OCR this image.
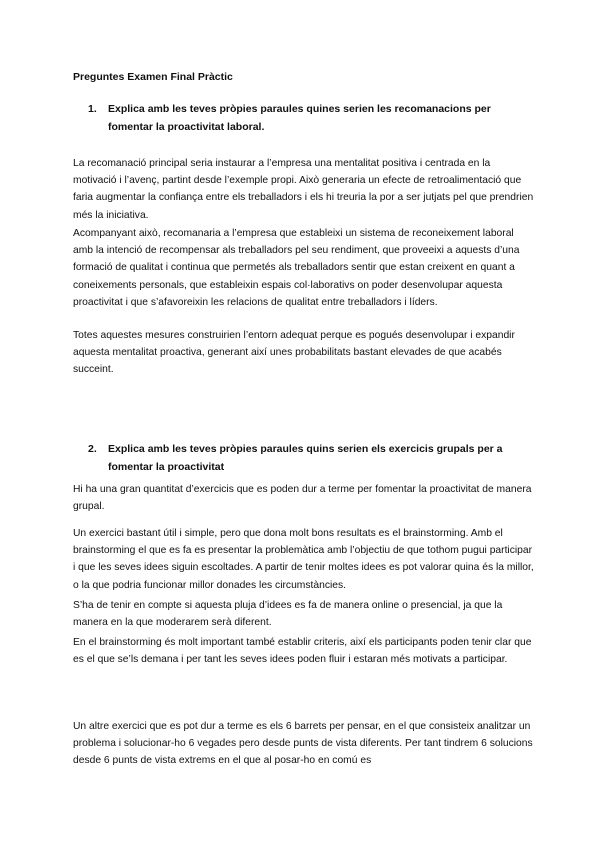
Preguntes Examen Final Pràctic

1.	Explica amb les teves pròpies paraules quines serien les recomanacions per fomentar la proactivitat laboral.

La recomanació principal seria instaurar a l’empresa una mentalitat positiva i centrada en la motivació i l’avenç, partint desde l’exemple propi. Això generaria un efecte de retroalimentació que faria augmentar la confiança entre els treballadors i els hi treuria la por a ser jutjats pel que prendrien més la iniciativa.

Acompanyant això, recomanaria a l’empresa que estableixi un sistema de reconeixement laboral amb la intenció de recompensar als treballadors pel seu rendiment, que proveeixi a aquests d’una formació de qualitat i continua que permetés als treballadors sentir que estan creixent en quant a coneixements personals, que estableixin espais col·laborativs on poder desenvolupar aquesta proactivitat i que s’afavoreixin les relacions de qualitat entre treballadors i líders.

Totes aquestes mesures construirien l’entorn adequat perque es pogués desenvolupar i expandir aquesta mentalitat proactiva, generant així unes probabilitats bastant elevades de que acabés succeint.

2.	Explica amb les teves pròpies paraules quins serien els exercicis grupals per a fomentar la proactivitat

Hi ha una gran quantitat d’exercicis que es poden dur a terme per fomentar la proactivitat de manera grupal.

Un exercici bastant útil i simple, pero que dona molt bons resultats es el brainstorming. Amb el brainstorming el que es fa es presentar la problemàtica amb l’objectiu de que tothom pugui participar i que les seves idees siguin escoltades. A partir de tenir moltes idees es pot valorar quina és la millor, o la que podria funcionar millor donades les circumstàncies.

S’ha de tenir en compte si aquesta pluja d’idees es fa de manera online o presencial, ja que la manera en la que moderarem serà diferent.

En el brainstorming és molt important també establir criteris, així els participants poden tenir clar que es el que se’ls demana i per tant les seves idees poden fluir i estaran més motivats a participar.

Un altre exercici que es pot dur a terme es els 6 barrets per pensar, en el que consisteix analitzar un problema i solucionar-ho 6 vegades pero desde punts de vista diferents. Per tant tindrem 6 solucions desde 6 punts de vista extrems en el que al posar-ho en comú es
